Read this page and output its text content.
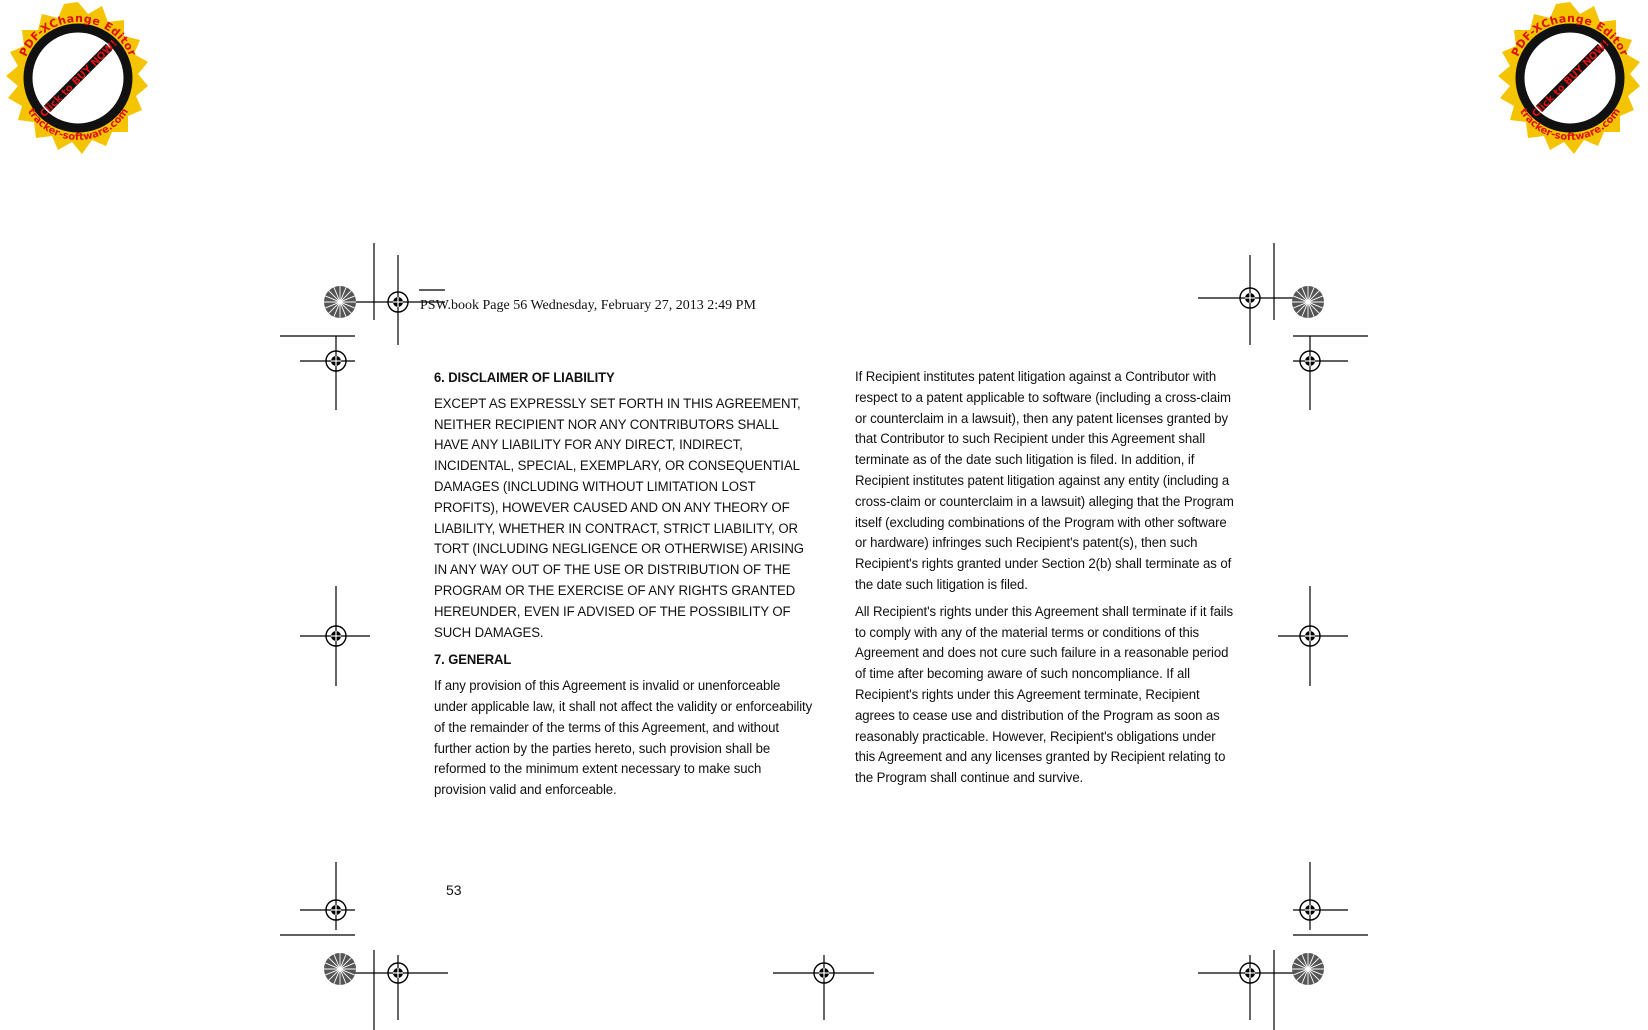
PDF-XChange Editor
Click to BUY NOW!
tracker-software.com
PDF-XChange Editor
Click to BUY NOW!
tracker-software.com
PSW.book Page 56 Wednesday, February 27, 2013 2:49 PM
6. DISCLAIMER OF LIABILITY

EXCEPT AS EXPRESSLY SET FORTH IN THIS AGREEMENT, NEITHER RECIPIENT NOR ANY CONTRIBUTORS SHALL HAVE ANY LIABILITY FOR ANY DIRECT, INDIRECT, INCIDENTAL, SPECIAL, EXEMPLARY, OR CONSEQUENTIAL DAMAGES (INCLUDING WITHOUT LIMITATION LOST PROFITS), HOWEVER CAUSED AND ON ANY THEORY OF LIABILITY, WHETHER IN CONTRACT, STRICT LIABILITY, OR TORT (INCLUDING NEGLIGENCE OR OTHERWISE) ARISING IN ANY WAY OUT OF THE USE OR DISTRIBUTION OF THE PROGRAM OR THE EXERCISE OF ANY RIGHTS GRANTED HEREUNDER, EVEN IF ADVISED OF THE POSSIBILITY OF SUCH DAMAGES.

7. GENERAL

If any provision of this Agreement is invalid or unenforceable under applicable law, it shall not affect the validity or enforceability of the remainder of the terms of this Agreement, and without further action by the parties hereto, such provision shall be reformed to the minimum extent necessary to make such provision valid and enforceable.

If Recipient institutes patent litigation against a Contributor with respect to a patent applicable to software (including a cross-claim or counterclaim in a lawsuit), then any patent licenses granted by that Contributor to such Recipient under this Agreement shall terminate as of the date such litigation is filed. In addition, if Recipient institutes patent litigation against any entity (including a cross-claim or counterclaim in a lawsuit) alleging that the Program itself (excluding combinations of the Program with other software or hardware) infringes such Recipient's patent(s), then such Recipient's rights granted under Section 2(b) shall terminate as of the date such litigation is filed.

All Recipient's rights under this Agreement shall terminate if it fails to comply with any of the material terms or conditions of this Agreement and does not cure such failure in a reasonable period of time after becoming aware of such noncompliance. If all Recipient's rights under this Agreement terminate, Recipient agrees to cease use and distribution of the Program as soon as reasonably practicable. However, Recipient's obligations under this Agreement and any licenses granted by Recipient relating to the Program shall continue and survive.

53
